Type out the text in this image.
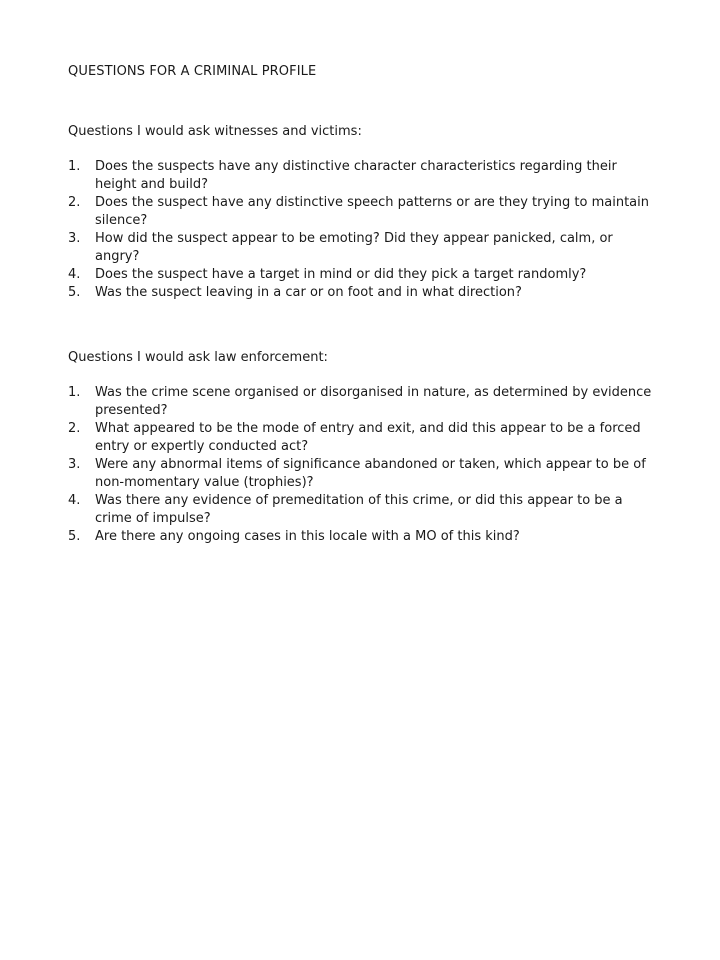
QUESTIONS FOR A CRIMINAL PROFILE
Questions I would ask witnesses and victims:
1. Does the suspects have any distinctive character characteristics regarding their height and build?
2. Does the suspect have any distinctive speech patterns or are they trying to maintain silence?
3. How did the suspect appear to be emoting? Did they appear panicked, calm, or angry?
4. Does the suspect have a target in mind or did they pick a target randomly?
5. Was the suspect leaving in a car or on foot and in what direction?
Questions I would ask law enforcement:
1. Was the crime scene organised or disorganised in nature, as determined by evidence presented?
2. What appeared to be the mode of entry and exit, and did this appear to be a forced entry or expertly conducted act?
3. Were any abnormal items of significance abandoned or taken, which appear to be of non-momentary value (trophies)?
4. Was there any evidence of premeditation of this crime, or did this appear to be a crime of impulse?
5. Are there any ongoing cases in this locale with a MO of this kind?
